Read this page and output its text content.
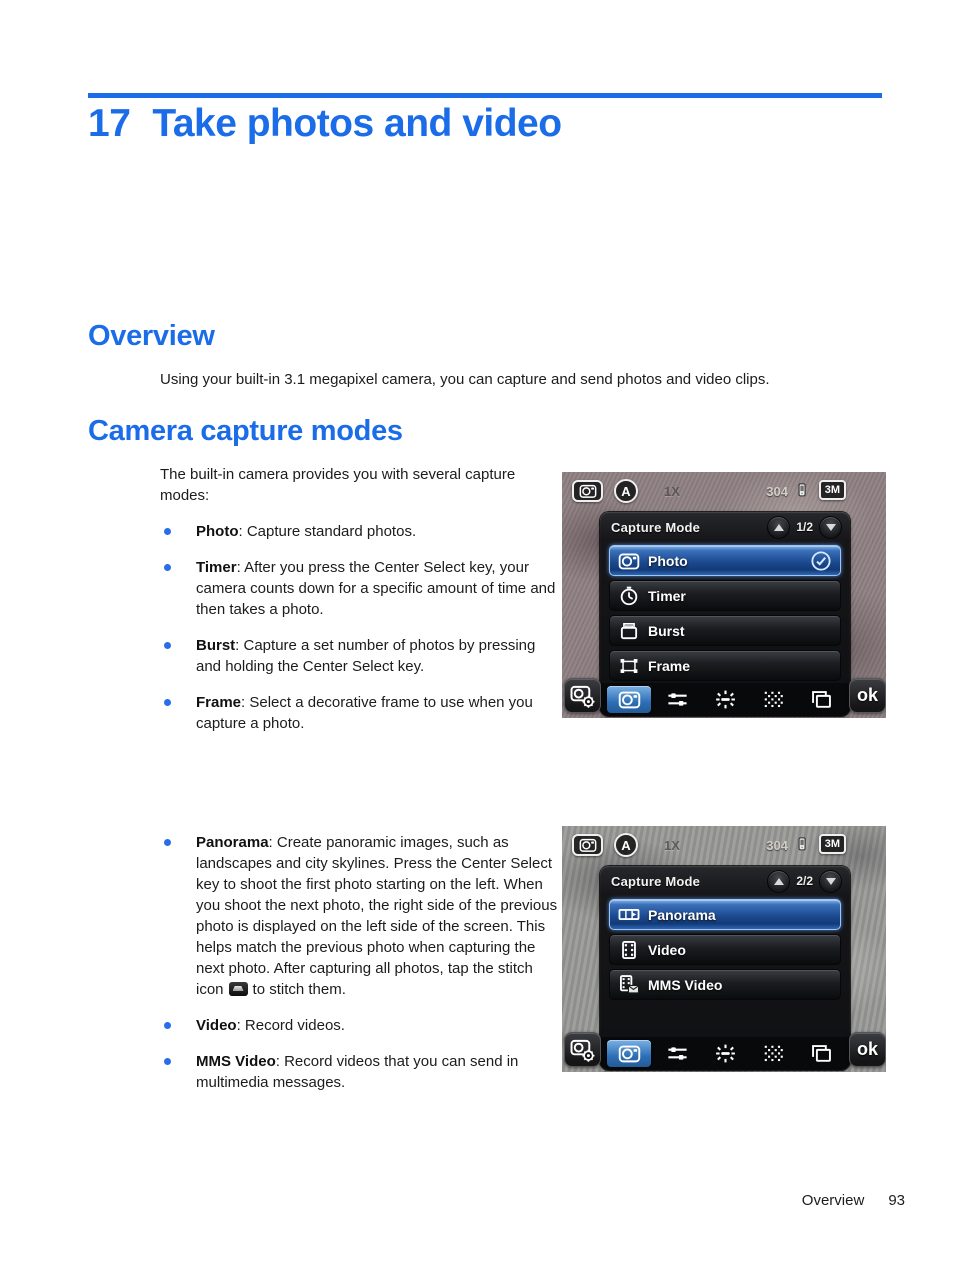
17 Take photos and video
Overview

Using your built-in 3.1 megapixel camera, you can capture and send photos and video clips.

Camera capture modes

The built-in camera provides you with several capture modes:

Photo: Capture standard photos.
Timer: After you press the Center Select key, your camera counts down for a specific amount of time and then takes a photo.
Burst: Capture a set number of photos by pressing and holding the Center Select key.
Frame: Select a decorative frame to use when you capture a photo.
Panorama: Create panoramic images, such as landscapes and city skylines. Press the Center Select key to shoot the first photo starting on the left. When you shoot the next photo, the right side of the previous photo is displayed on the left side of the screen. This helps match the previous photo when capturing the next photo. After capturing all photos, tap the stitch icon to stitch them.
Video: Record videos.
MMS Video: Record videos that you can send in multimedia messages.
A	1X	304	3M
Capture Mode	1/2
Photo
Timer
Burst
Frame
ok
A	1X	304	3M
Capture Mode	2/2
Panorama
Video
MMS Video
ok
Overview 93
